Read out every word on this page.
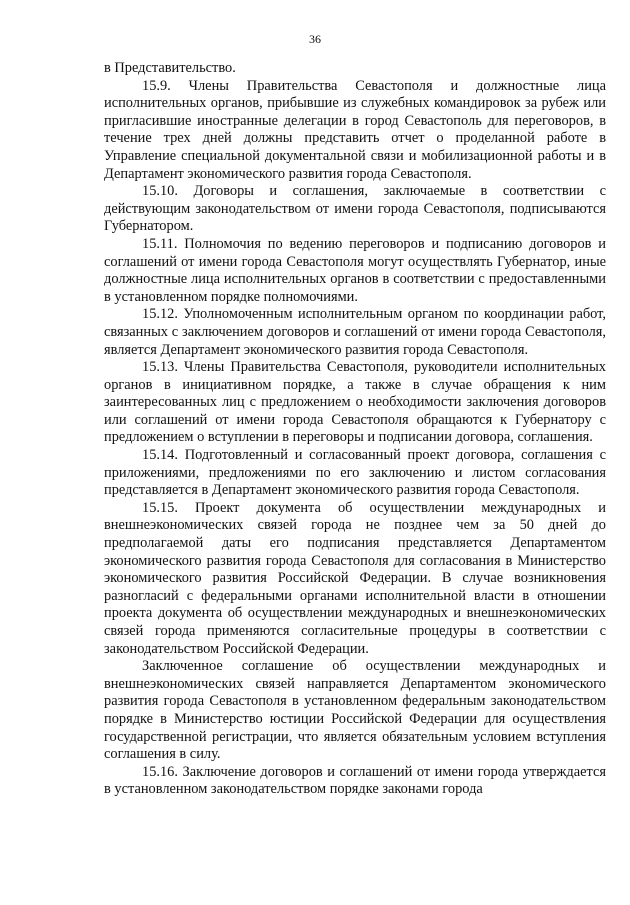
36

в Представительство.

15.9. Члены Правительства Севастополя и должностные лица исполнительных органов, прибывшие из служебных командировок за рубеж или пригласившие иностранные делегации в город Севастополь для переговоров, в течение трех дней должны представить отчет о проделанной работе в Управление специальной документальной связи и мобилизационной работы и в Департамент экономического развития города Севастополя.

15.10. Договоры и соглашения, заключаемые в соответствии с действующим законодательством от имени города Севастополя, подписываются Губернатором.

15.11. Полномочия по ведению переговоров и подписанию договоров и соглашений от имени города Севастополя могут осуществлять Губернатор, иные должностные лица исполнительных органов в соответствии с предоставленными в установленном порядке полномочиями.

15.12. Уполномоченным исполнительным органом по координации работ, связанных с заключением договоров и соглашений от имени города Севастополя, является Департамент экономического развития города Севастополя.

15.13. Члены Правительства Севастополя, руководители исполнительных органов в инициативном порядке, а также в случае обращения к ним заинтересованных лиц с предложением о необходимости заключения договоров или соглашений от имени города Севастополя обращаются к Губернатору с предложением о вступлении в переговоры и подписании договора, соглашения.

15.14. Подготовленный и согласованный проект договора, соглашения с приложениями, предложениями по его заключению и листом согласования представляется в Департамент экономического развития города Севастополя.

15.15. Проект документа об осуществлении международных и внешнеэкономических связей города не позднее чем за 50 дней до предполагаемой даты его подписания представляется Департаментом экономического развития города Севастополя для согласования в Министерство экономического развития Российской Федерации. В случае возникновения разногласий с федеральными органами исполнительной власти в отношении проекта документа об осуществлении международных и внешнеэкономических связей города применяются согласительные процедуры в соответствии с законодательством Российской Федерации.

Заключенное соглашение об осуществлении международных и внешнеэкономических связей направляется Департаментом экономического развития города Севастополя в установленном федеральным законодательством порядке в Министерство юстиции Российской Федерации для осуществления государственной регистрации, что является обязательным условием вступления соглашения в силу.

15.16. Заключение договоров и соглашений от имени города утверждается в установленном законодательством порядке законами города
